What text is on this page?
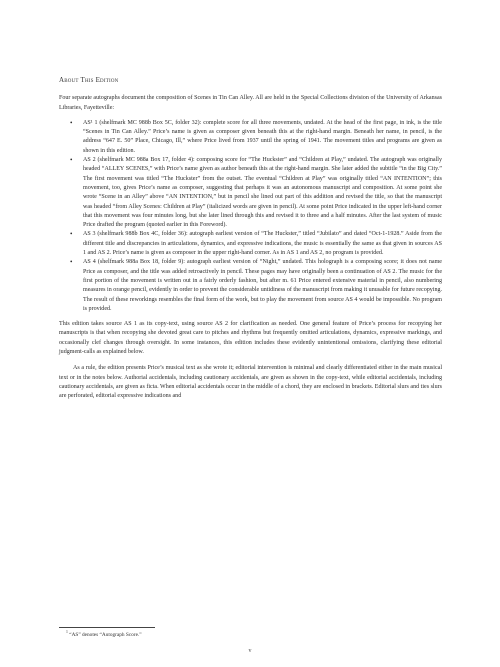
About This Edition

Four separate autographs document the composition of Scenes in Tin Can Alley. All are held in the Special Collections division of the University of Arkansas Libraries, Fayetteville:

• AS¹ 1 (shelfmark MC 988b Box 5C, folder 32): complete score for all three movements, undated. At the head of the first page, in ink, is the title “Scenes in Tin Can Alley.” Price’s name is given as composer given beneath this at the right-hand margin. Beneath her name, in pencil, is the address “647 E. 50” Place, Chicago, Ill,” where Price lived from 1937 until the spring of 1941. The movement titles and programs are given as shown in this edition.
• AS 2 (shelfmark MC 988a Box 17, folder 4): composing score for “The Huckster” and “Children at Play,” undated. The autograph was originally headed “ALLEY SCENES,” with Price’s name given as author beneath this at the right-hand margin. She later added the subtitle “in the Big City.” The first movement was titled “The Huckster” from the outset. The eventual “Children at Play” was originally titled “AN INTENTION”; this movement, too, gives Price’s name as composer, suggesting that perhaps it was an autonomous manuscript and composition. At some point she wrote “Scene in an Alley” above “AN INTENTION,” but in pencil she lined out part of this addition and revised the title, so that the manuscript was headed “from Alley Scenes: Children at Play” (italicized words are given in pencil). At some point Price indicated in the upper left-hand corner that this movement was four minutes long, but she later lined through this and revised it to three and a half minutes. After the last system of music Price drafted the program (quoted earlier in this Foreword).
• AS 3 (shelfmark 988b Box 4C, folder 36): autograph earliest version of “The Huckster,” titled “Jubilato” and dated “Oct-1-1928.” Aside from the different title and discrepancies in articulations, dynamics, and expressive indications, the music is essentially the same as that given in sources AS 1 and AS 2. Price’s name is given as composer in the upper right-hand corner. As in AS 1 and AS 2, no program is provided.
• AS 4 (shelfmark 988a Box 18, folder 9): autograph earliest version of “Night,” undated. This holograph is a composing score; it does not name Price as composer, and the title was added retroactively in pencil. These pages may have originally been a continuation of AS 2. The music for the first portion of the movement is written out in a fairly orderly fashion, but after m. 61 Price entered extensive material in pencil, also numbering measures in orange pencil, evidently in order to prevent the considerable untidiness of the manuscript from making it unusable for future recopying. The result of these reworkings resembles the final form of the work, but to play the movement from source AS 4 would be impossible. No program is provided.

This edition takes source AS 1 as its copy-text, using source AS 2 for clarification as needed. One general feature of Price’s process for recopying her manuscripts is that when recopying she devoted great care to pitches and rhythms but frequently omitted articulations, dynamics, expressive markings, and occasionally clef changes through oversight. In some instances, this edition includes these evidently unintentional omissions, clarifying these editorial judgment-calls as explained below.

As a rule, the edition presents Price’s musical text as she wrote it; editorial intervention is minimal and clearly differentiated either in the main musical text or in the notes below. Authorial accidentals, including cautionary accidentals, are given as shown in the copy-text, while editorial accidentals, including cautionary accidentals, are given as ficta. When editorial accidentals occur in the middle of a chord, they are enclosed in brackets. Editorial slurs and ties slurs are perforated, editorial expressive indications and

$^1$ “AS” denotes “Autograph Score.”
v
